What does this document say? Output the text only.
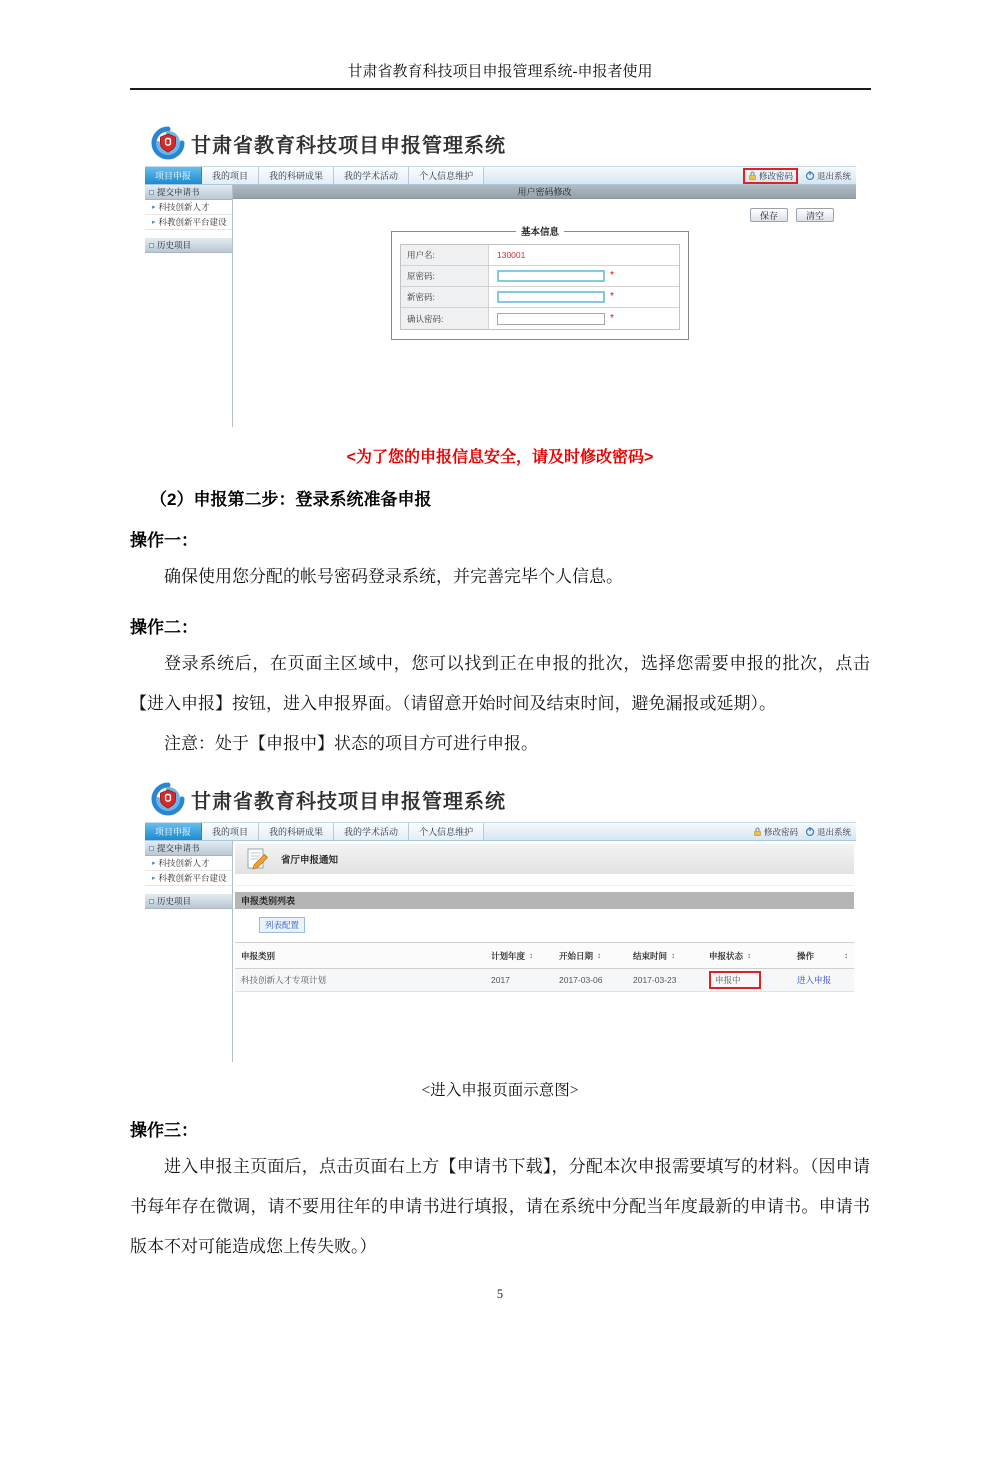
甘肃省教育科技项目申报管理系统-申报者使用
甘肃省教育科技项目申报管理系统
项目申报	我的项目	我的科研成果	我的学术活动	个人信息维护	修改密码	退出系统
提交申请书
▸ 科技创新人才
▸ 科教创新平台建设
历史项目
用户密码修改
保存	清空
基本信息
用户名:	130001
原密码:	*
新密码:	*
确认密码:	*
<为了您的申报信息安全，请及时修改密码>
（2）申报第二步：登录系统准备申报
操作一：
确保使用您分配的帐号密码登录系统，并完善完毕个人信息。
操作二：
登录系统后，在页面主区域中，您可以找到正在申报的批次，选择您需要申报的批次，点击【进入申报】按钮，进入申报界面。（请留意开始时间及结束时间，避免漏报或延期）。
注意：处于【申报中】状态的项目方可进行申报。
甘肃省教育科技项目申报管理系统
项目申报	我的项目	我的科研成果	我的学术活动	个人信息维护	修改密码 退出系统
提交申请书
▸ 科技创新人才
▸ 科教创新平台建设
历史项目
省厅申报通知
申报类别列表
列表配置
申报类别	计划年度 ↕	开始日期 ↕	结束时间 ↕	申报状态 ↕	操作	↕
科技创新人才专项计划	2017	2017-03-06	2017-03-23	申报中	进入申报
<进入申报页面示意图>
操作三：
进入申报主页面后，点击页面右上方【申请书下载】，分配本次申报需要填写的材料。（因申请书每年存在微调，请不要用往年的申请书进行填报，请在系统中分配当年度最新的申请书。申请书版本不对可能造成您上传失败。）
5
